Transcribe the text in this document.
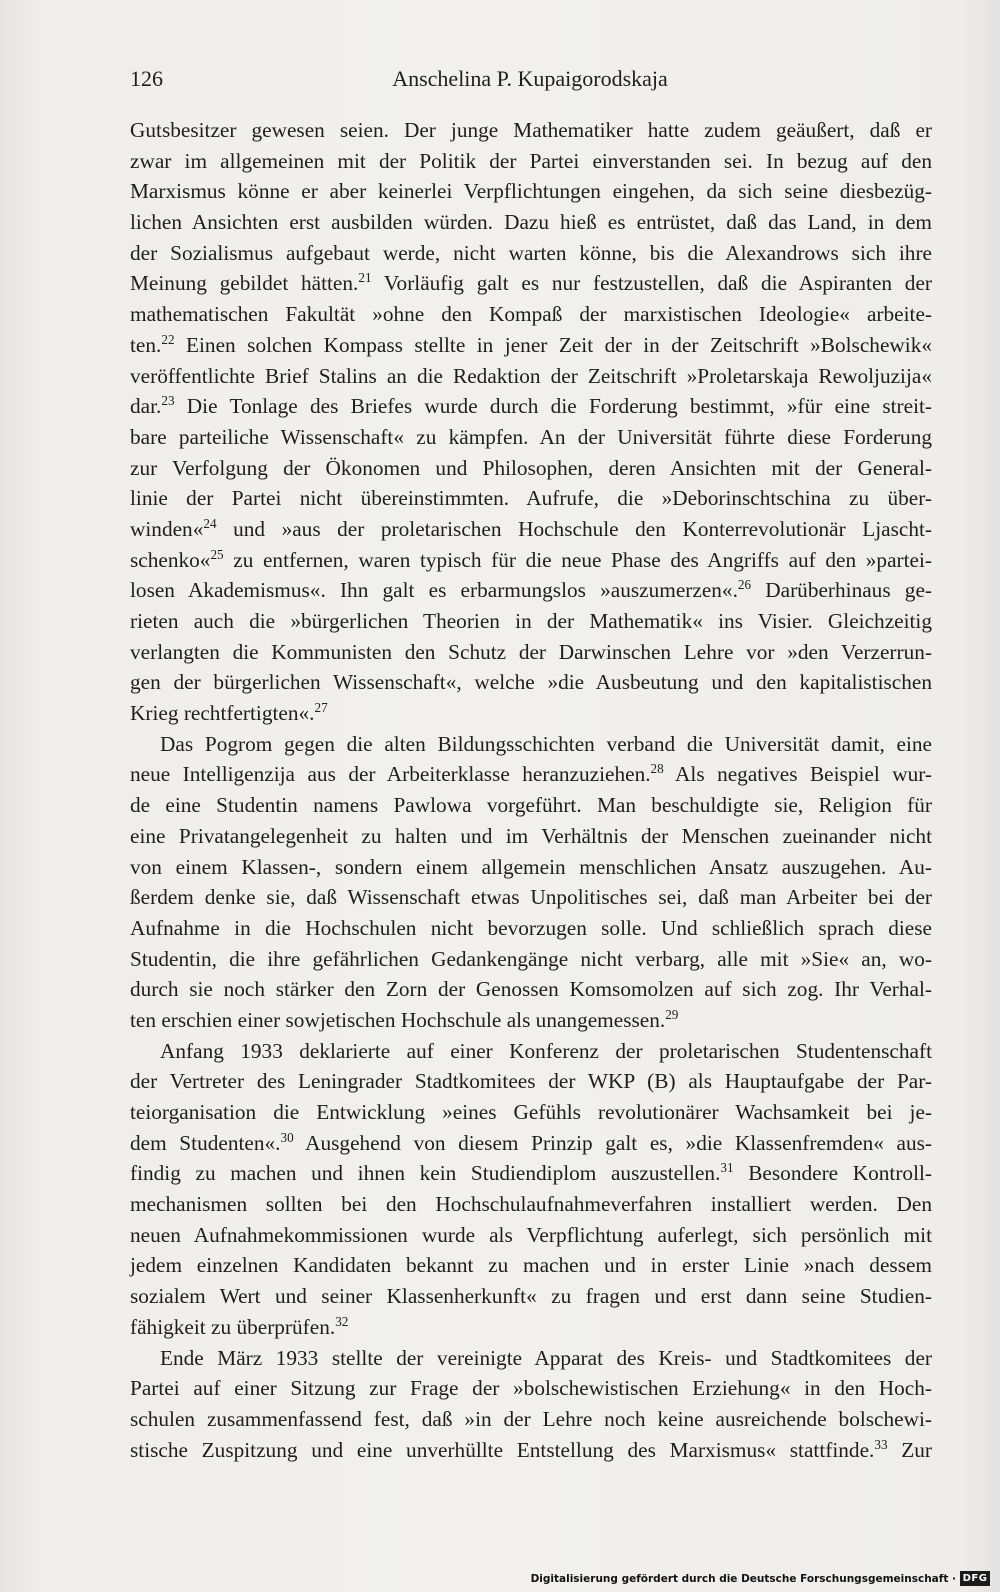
126	Anschelina P. Kupaigorodskaja
Gutsbesitzer gewesen seien. Der junge Mathematiker hatte zudem geäußert, daß er
zwar im allgemeinen mit der Politik der Partei einverstanden sei. In bezug auf den
Marxismus könne er aber keinerlei Verpflichtungen eingehen, da sich seine diesbezüg-
lichen Ansichten erst ausbilden würden. Dazu hieß es entrüstet, daß das Land, in dem
der Sozialismus aufgebaut werde, nicht warten könne, bis die Alexandrows sich ihre
Meinung gebildet hätten.$^{21}$ Vorläufig galt es nur festzustellen, daß die Aspiranten der
mathematischen Fakultät »ohne den Kompaß der marxistischen Ideologie« arbeite-
ten.$^{22}$ Einen solchen Kompass stellte in jener Zeit der in der Zeitschrift »Bolschewik«
veröffentlichte Brief Stalins an die Redaktion der Zeitschrift »Proletarskaja Rewoljuzija«
dar.$^{23}$ Die Tonlage des Briefes wurde durch die Forderung bestimmt, »für eine streit-
bare parteiliche Wissenschaft« zu kämpfen. An der Universität führte diese Forderung
zur Verfolgung der Ökonomen und Philosophen, deren Ansichten mit der General-
linie der Partei nicht übereinstimmten. Aufrufe, die »Deborinschtschina zu über-
winden«$^{24}$ und »aus der proletarischen Hochschule den Konterrevolutionär Ljascht-
schenko«$^{25}$ zu entfernen, waren typisch für die neue Phase des Angriffs auf den »partei-
losen Akademismus«. Ihn galt es erbarmungslos »auszumerzen«.$^{26}$ Darüberhinaus ge-
rieten auch die »bürgerlichen Theorien in der Mathematik« ins Visier. Gleichzeitig
verlangten die Kommunisten den Schutz der Darwinschen Lehre vor »den Verzerrun-
gen der bürgerlichen Wissenschaft«, welche »die Ausbeutung und den kapitalistischen
Krieg rechtfertigten«.$^{27}$
Das Pogrom gegen die alten Bildungsschichten verband die Universität damit, eine
neue Intelligenzija aus der Arbeiterklasse heranzuziehen.$^{28}$ Als negatives Beispiel wur-
de eine Studentin namens Pawlowa vorgeführt. Man beschuldigte sie, Religion für
eine Privatangelegenheit zu halten und im Verhältnis der Menschen zueinander nicht
von einem Klassen-, sondern einem allgemein menschlichen Ansatz auszugehen. Au-
ßerdem denke sie, daß Wissenschaft etwas Unpolitisches sei, daß man Arbeiter bei der
Aufnahme in die Hochschulen nicht bevorzugen solle. Und schließlich sprach diese
Studentin, die ihre gefährlichen Gedankengänge nicht verbarg, alle mit »Sie« an, wo-
durch sie noch stärker den Zorn der Genossen Komsomolzen auf sich zog. Ihr Verhal-
ten erschien einer sowjetischen Hochschule als unangemessen.$^{29}$
Anfang 1933 deklarierte auf einer Konferenz der proletarischen Studentenschaft
der Vertreter des Leningrader Stadtkomitees der WKP (B) als Hauptaufgabe der Par-
teiorganisation die Entwicklung »eines Gefühls revolutionärer Wachsamkeit bei je-
dem Studenten«.$^{30}$ Ausgehend von diesem Prinzip galt es, »die Klassenfremden« aus-
findig zu machen und ihnen kein Studiendiplom auszustellen.$^{31}$ Besondere Kontroll-
mechanismen sollten bei den Hochschulaufnahmeverfahren installiert werden. Den
neuen Aufnahmekommissionen wurde als Verpflichtung auferlegt, sich persönlich mit
jedem einzelnen Kandidaten bekannt zu machen und in erster Linie »nach dessem
sozialem Wert und seiner Klassenherkunft« zu fragen und erst dann seine Studien-
fähigkeit zu überprüfen.$^{32}$
Ende März 1933 stellte der vereinigte Apparat des Kreis- und Stadtkomitees der
Partei auf einer Sitzung zur Frage der »bolschewistischen Erziehung« in den Hoch-
schulen zusammenfassend fest, daß »in der Lehre noch keine ausreichende bolschewi-
stische Zuspitzung und eine unverhüllte Entstellung des Marxismus« stattfinde.$^{33}$ Zur
Digitalisierung gefördert durch die Deutsche Forschungsgemeinschaft · DFG
